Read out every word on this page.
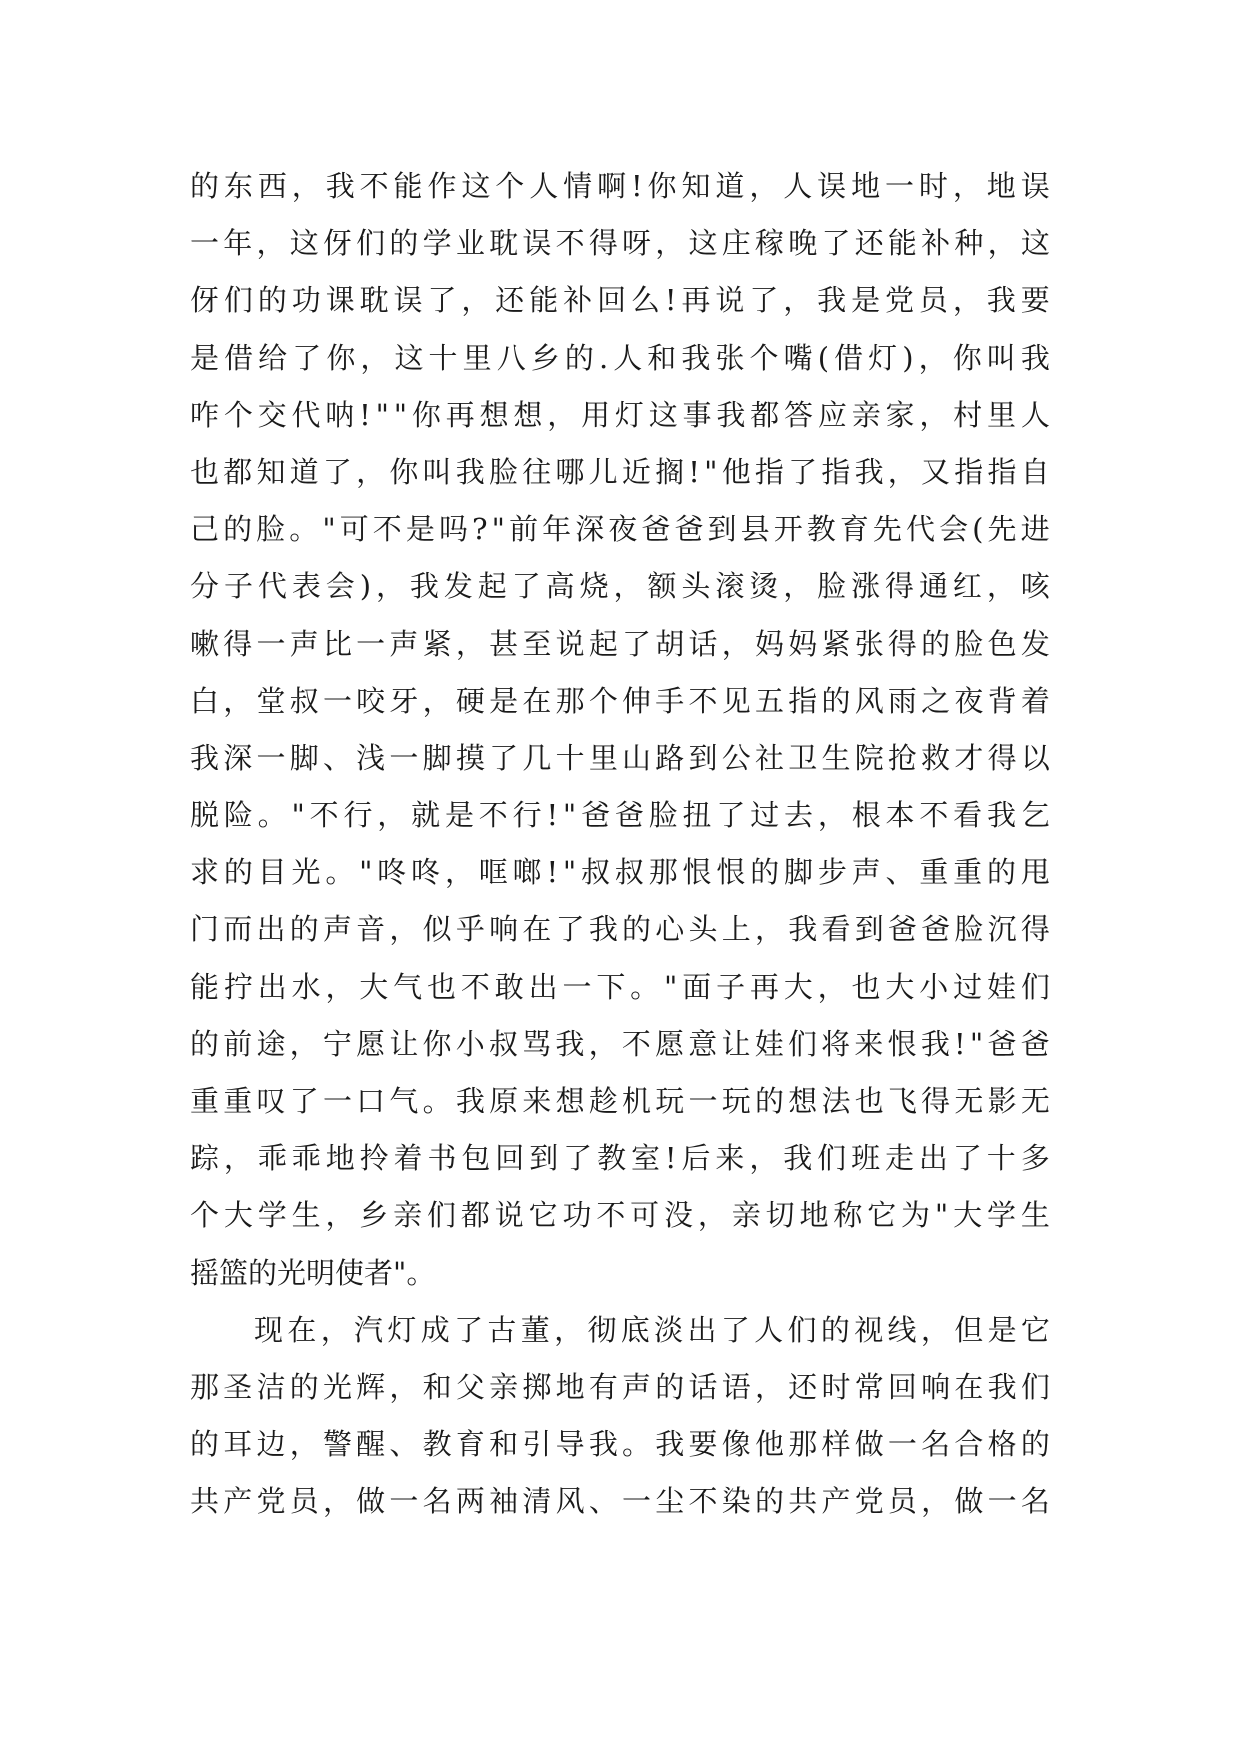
的 东 西 ， 我 不 能 作 这 个 人 情 啊 ! 你 知 道 ， 人 误 地 一 时 ， 地 误
一 年 ， 这 伢 们 的 学 业 耽 误 不 得 呀 ， 这 庄 稼 晚 了 还 能 补 种 ， 这
伢 们 的 功 课 耽 误 了 ， 还 能 补 回 么 ! 再 说 了 ， 我 是 党 员 ， 我 要
是 借 给 了 你 ， 这 十 里 八 乡 的 . 人 和 我 张 个 嘴 ( 借 灯 ) ， 你 叫 我
咋 个 交 代 呐 ! " " 你 再 想 想 ， 用 灯 这 事 我 都 答 应 亲 家 ， 村 里 人
也 都 知 道 了 ， 你 叫 我 脸 往 哪 儿 近 搁 ! " 他 指 了 指 我 ， 又 指 指 自
己 的 脸 。 " 可 不 是 吗 ? " 前 年 深 夜 爸 爸 到 县 开 教 育 先 代 会 ( 先 进
分 子 代 表 会 ) ， 我 发 起 了 高 烧 ， 额 头 滚 烫 ， 脸 涨 得 通 红 ， 咳
嗽 得 一 声 比 一 声 紧 ， 甚 至 说 起 了 胡 话 ， 妈 妈 紧 张 得 的 脸 色 发
白 ， 堂 叔 一 咬 牙 ， 硬 是 在 那 个 伸 手 不 见 五 指 的 风 雨 之 夜 背 着
我 深 一 脚 、 浅 一 脚 摸 了 几 十 里 山 路 到 公 社 卫 生 院 抢 救 才 得 以
脱 险 。 " 不 行 ， 就 是 不 行 ! " 爸 爸 脸 扭 了 过 去 ， 根 本 不 看 我 乞
求 的 目 光 。 " 咚 咚 ， 哐 啷 ! " 叔 叔 那 恨 恨 的 脚 步 声 、 重 重 的 甩
门 而 出 的 声 音 ， 似 乎 响 在 了 我 的 心 头 上 ， 我 看 到 爸 爸 脸 沉 得
能 拧 出 水 ， 大 气 也 不 敢 出 一 下 。 " 面 子 再 大 ， 也 大 小 过 娃 们
的 前 途 ， 宁 愿 让 你 小 叔 骂 我 ， 不 愿 意 让 娃 们 将 来 恨 我 ! " 爸 爸
重 重 叹 了 一 口 气 。 我 原 来 想 趁 机 玩 一 玩 的 想 法 也 飞 得 无 影 无
踪 ， 乖 乖 地 拎 着 书 包 回 到 了 教 室 ! 后 来 ， 我 们 班 走 出 了 十 多
个 大 学 生 ， 乡 亲 们 都 说 它 功 不 可 没 ， 亲 切 地 称 它 为 " 大 学 生
摇篮的光明使者"。
现 在 ， 汽 灯 成 了 古 董 ， 彻 底 淡 出 了 人 们 的 视 线 ， 但 是 它
那 圣 洁 的 光 辉 ， 和 父 亲 掷 地 有 声 的 话 语 ， 还 时 常 回 响 在 我 们
的 耳 边 ， 警 醒 、 教 育 和 引 导 我 。 我 要 像 他 那 样 做 一 名 合 格 的
共 产 党 员 ， 做 一 名 两 袖 清 风 、 一 尘 不 染 的 共 产 党 员 ， 做 一 名
